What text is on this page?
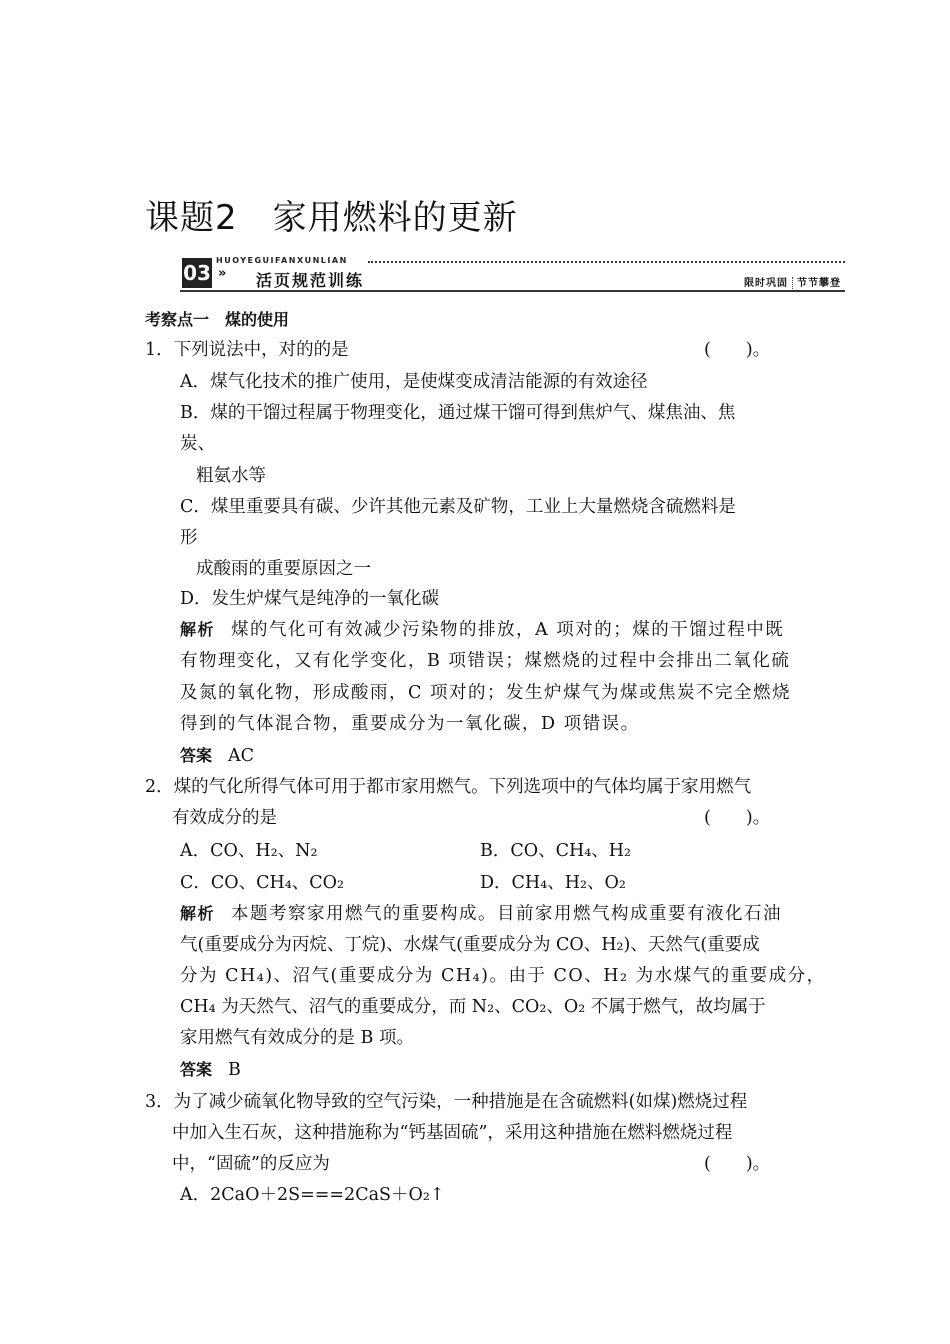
课题2　家用燃料的更新
HUOYEGUIFANXUNLIAN
03 » 活页规范训练	限时巩固 节节攀登
考察点一　煤的使用
1．下列说法中，对的的是	(　　)。
A．煤气化技术的推广使用，是使煤变成清洁能源的有效途径
B．煤的干馏过程属于物理变化，通过煤干馏可得到焦炉气、煤焦油、焦
炭、
粗氨水等
C．煤里重要具有碳、少许其他元素及矿物，工业上大量燃烧含硫燃料是
形
成酸雨的重要原因之一
D．发生炉煤气是纯净的一氧化碳
解析 煤的气化可有效减少污染物的排放，A 项对的；煤的干馏过程中既
有物理变化，又有化学变化，B 项错误；煤燃烧的过程中会排出二氧化硫
及氮的氧化物，形成酸雨，C 项对的；发生炉煤气为煤或焦炭不完全燃烧
得到的气体混合物，重要成分为一氧化碳，D 项错误。
答案 AC
2．煤的气化所得气体可用于都市家用燃气。下列选项中的气体均属于家用燃气
有效成分的是	(　　)。
A．CO、H₂、N₂	B．CO、CH₄、H₂
C．CO、CH₄、CO₂	D．CH₄、H₂、O₂
解析 本题考察家用燃气的重要构成。目前家用燃气构成重要有液化石油
气(重要成分为丙烷、丁烷)、水煤气(重要成分为 CO、H₂)、天然气(重要成
分为 CH₄)、沼气(重要成分为 CH₄)。由于 CO、H₂ 为水煤气的重要成分，
CH₄ 为天然气、沼气的重要成分，而 N₂、CO₂、O₂ 不属于燃气，故均属于
家用燃气有效成分的是 B 项。
答案 B
3．为了减少硫氧化物导致的空气污染，一种措施是在含硫燃料(如煤)燃烧过程
中加入生石灰，这种措施称为“钙基固硫”，采用这种措施在燃料燃烧过程
中，“固硫”的反应为	(　　)。
A．2CaO＋2S===2CaS＋O₂↑
